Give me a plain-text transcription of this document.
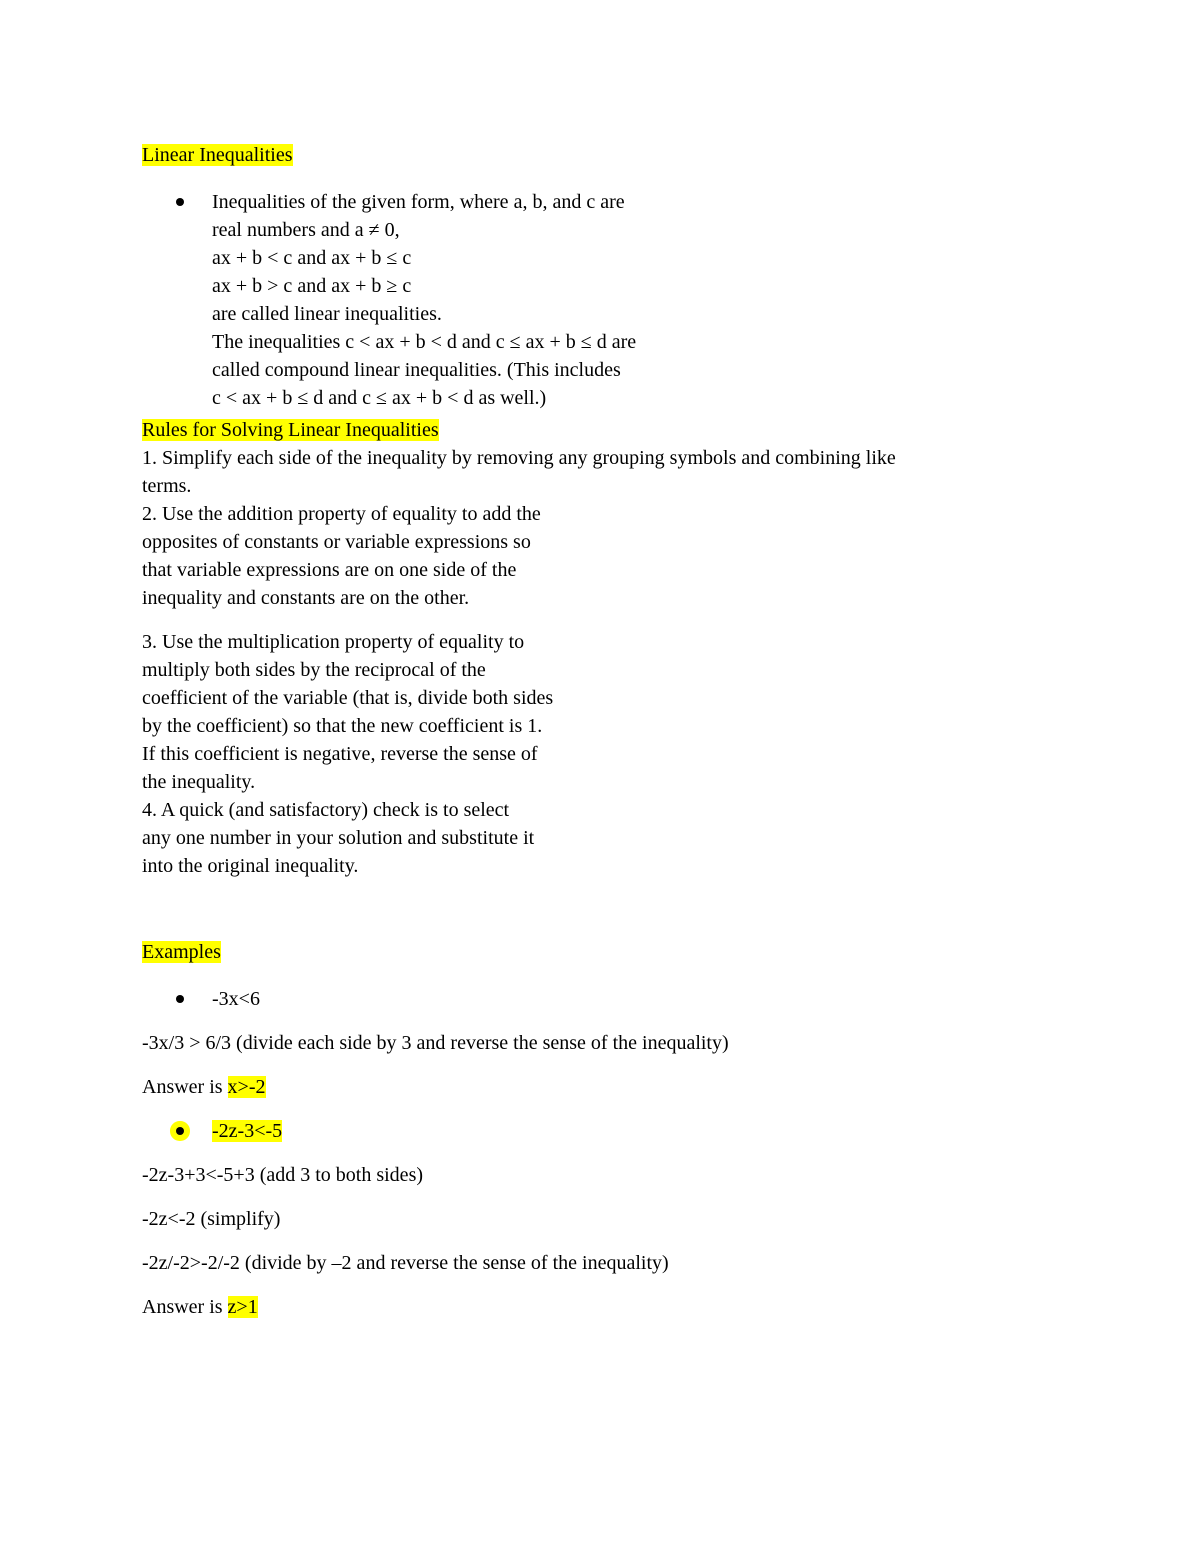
Linear Inequalities
Inequalities of the given form, where a, b, and c are
real numbers and a ≠ 0,
ax + b < c and ax + b ≤ c
ax + b > c and ax + b ≥ c
are called linear inequalities.
The inequalities c < ax + b < d and c ≤ ax + b ≤ d are
called compound linear inequalities. (This includes
c < ax + b ≤ d and c ≤ ax + b < d as well.)
Rules for Solving Linear Inequalities
1. Simplify each side of the inequality by removing any grouping symbols and combining like
terms.
2. Use the addition property of equality to add the
opposites of constants or variable expressions so
that variable expressions are on one side of the
inequality and constants are on the other.
3. Use the multiplication property of equality to
multiply both sides by the reciprocal of the
coefficient of the variable (that is, divide both sides
by the coefficient) so that the new coefficient is 1.
If this coefficient is negative, reverse the sense of
the inequality.
4. A quick (and satisfactory) check is to select
any one number in your solution and substitute it
into the original inequality.
Examples
-3x<6
-3x/3 > 6/3 (divide each side by 3 and reverse the sense of the inequality)
Answer is x>-2
-2z-3<-5
-2z-3+3<-5+3 (add 3 to both sides)
-2z<-2 (simplify)
-2z/-2>-2/-2 (divide by –2 and reverse the sense of the inequality)
Answer is z>1
